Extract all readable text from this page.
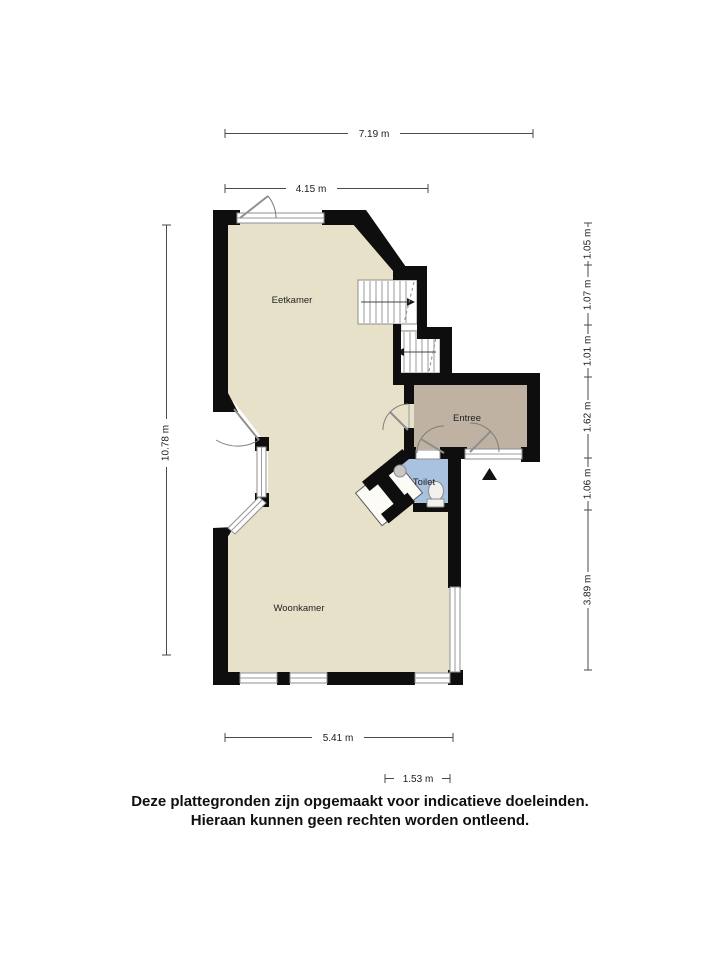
7.19 m
4.15 m
10.78 m
5.41 m
1.53 m
1.05 m
1.07 m
1.01 m
1.62 m
1.06 m
3.89 m
Eetkamer
Woonkamer
Entree
Toilet
Deze plattegronden zijn opgemaakt voor indicatieve doeleinden.
Hieraan kunnen geen rechten worden ontleend.
